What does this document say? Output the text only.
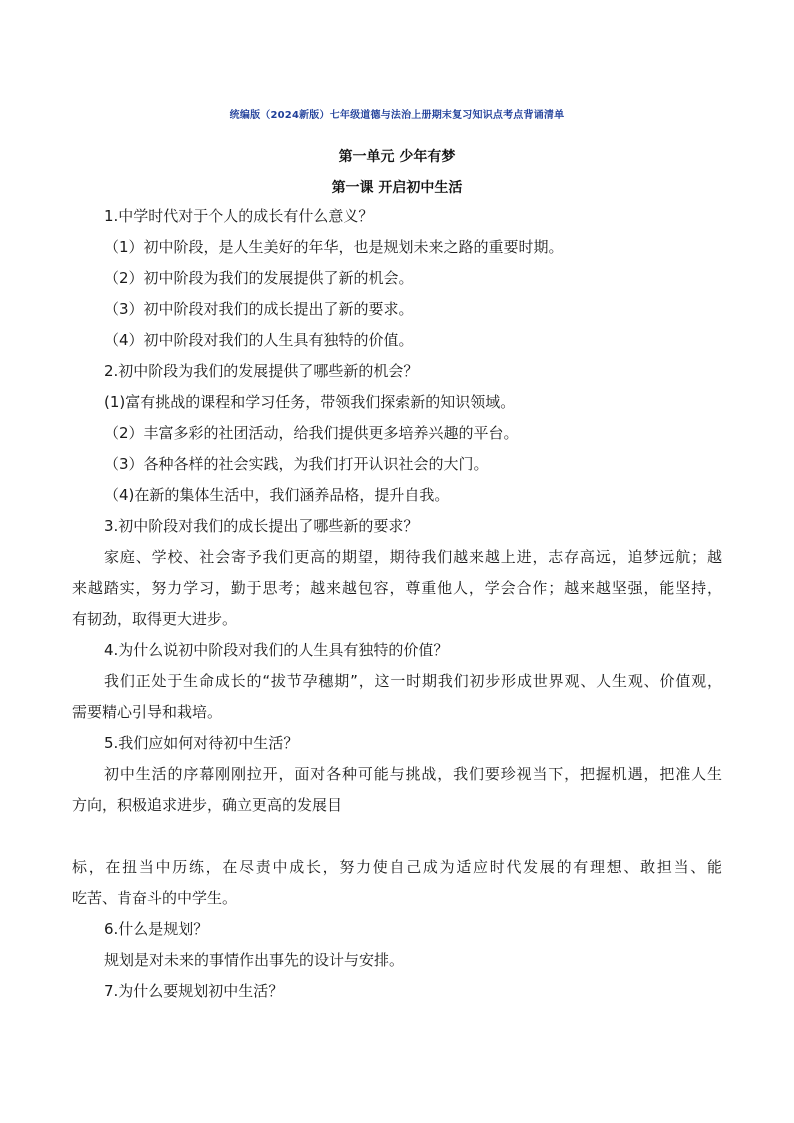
统编版（2024新版）七年级道德与法治上册期末复习知识点考点背诵清单
第一单元 少年有梦
第一课 开启初中生活
1.中学时代对于个人的成长有什么意义？
（1）初中阶段，是人生美好的年华，也是规划未来之路的重要时期。
（2）初中阶段为我们的发展提供了新的机会。
（3）初中阶段对我们的成长提出了新的要求。
（4）初中阶段对我们的人生具有独特的价值。
2.初中阶段为我们的发展提供了哪些新的机会？
(1)富有挑战的课程和学习任务，带领我们探索新的知识领域。
（2）丰富多彩的社团活动，给我们提供更多培养兴趣的平台。
（3）各种各样的社会实践，为我们打开认识社会的大门。
（4)在新的集体生活中，我们涵养品格，提升自我。
3.初中阶段对我们的成长提出了哪些新的要求？
家庭、学校、社会寄予我们更高的期望，期待我们越来越上进，志存高远，追梦远航；越
来越踏实，努力学习，勤于思考；越来越包容，尊重他人，学会合作；越来越坚强，能坚持，
有韧劲，取得更大进步。
4.为什么说初中阶段对我们的人生具有独特的价值？
我们正处于生命成长的“拔节孕穗期”，这一时期我们初步形成世界观、人生观、价值观，
需要精心引导和栽培。
5.我们应如何对待初中生活？
初中生活的序幕刚刚拉开，面对各种可能与挑战，我们要珍视当下，把握机遇，把准人生
方向，积极追求进步，确立更高的发展目
标，在扭当中历练，在尽责中成长，努力使自己成为适应时代发展的有理想、敢担当、能
吃苦、肯奋斗的中学生。
6.什么是规划？
规划是对未来的事情作出事先的设计与安排。
7.为什么要规划初中生活？
